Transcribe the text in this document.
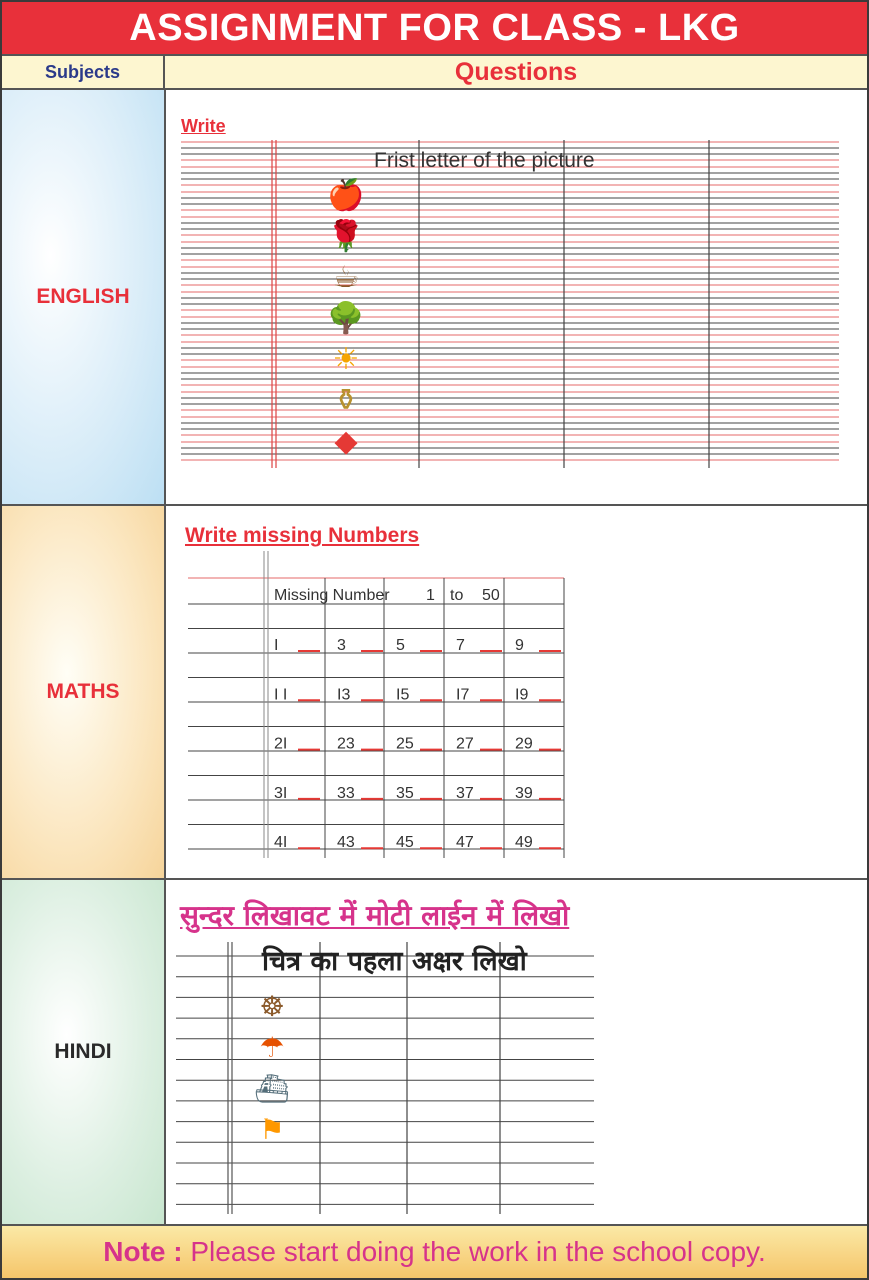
ASSIGNMENT FOR CLASS - LKG
Subjects	Questions
ENGLISH
Write
Frist letter of the picture
🍎
🌹
☕
🌳
☀
⚱
◆
MATHS
Write missing Numbers
Missing Number 1 to 50
I	3	5	7	9
I I	I3	I5	I7	I9
2I	23	25	27	29
3I	33	35	37	39
4I	43	45	47	49
HINDI
सुन्दर लिखावट में मोटी लाईन में लिखो
चित्र का पहला अक्षर लिखो
☸
☂
⛴
⚑
Note : Please start doing the work in the school copy.
